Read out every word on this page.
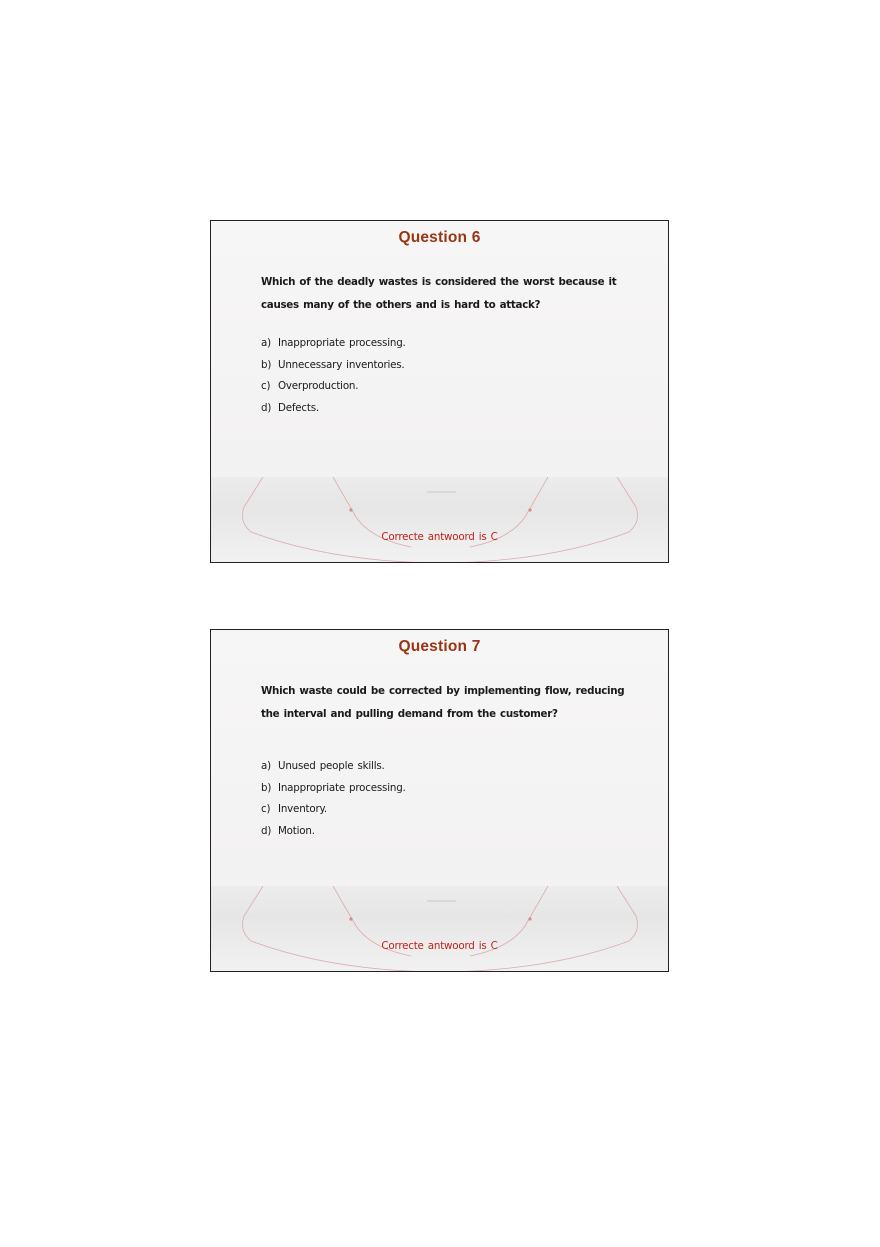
Question 6
Which of the deadly wastes is considered the worst because it causes many of the others and is hard to attack?
a) Inappropriate processing.
b) Unnecessary inventories.
c) Overproduction.
d) Defects.
Correcte antwoord is C
Question 7
Which waste could be corrected by implementing flow, reducing the interval and pulling demand from the customer?
a) Unused people skills.
b) Inappropriate processing.
c) Inventory.
d) Motion.
Correcte antwoord is C
